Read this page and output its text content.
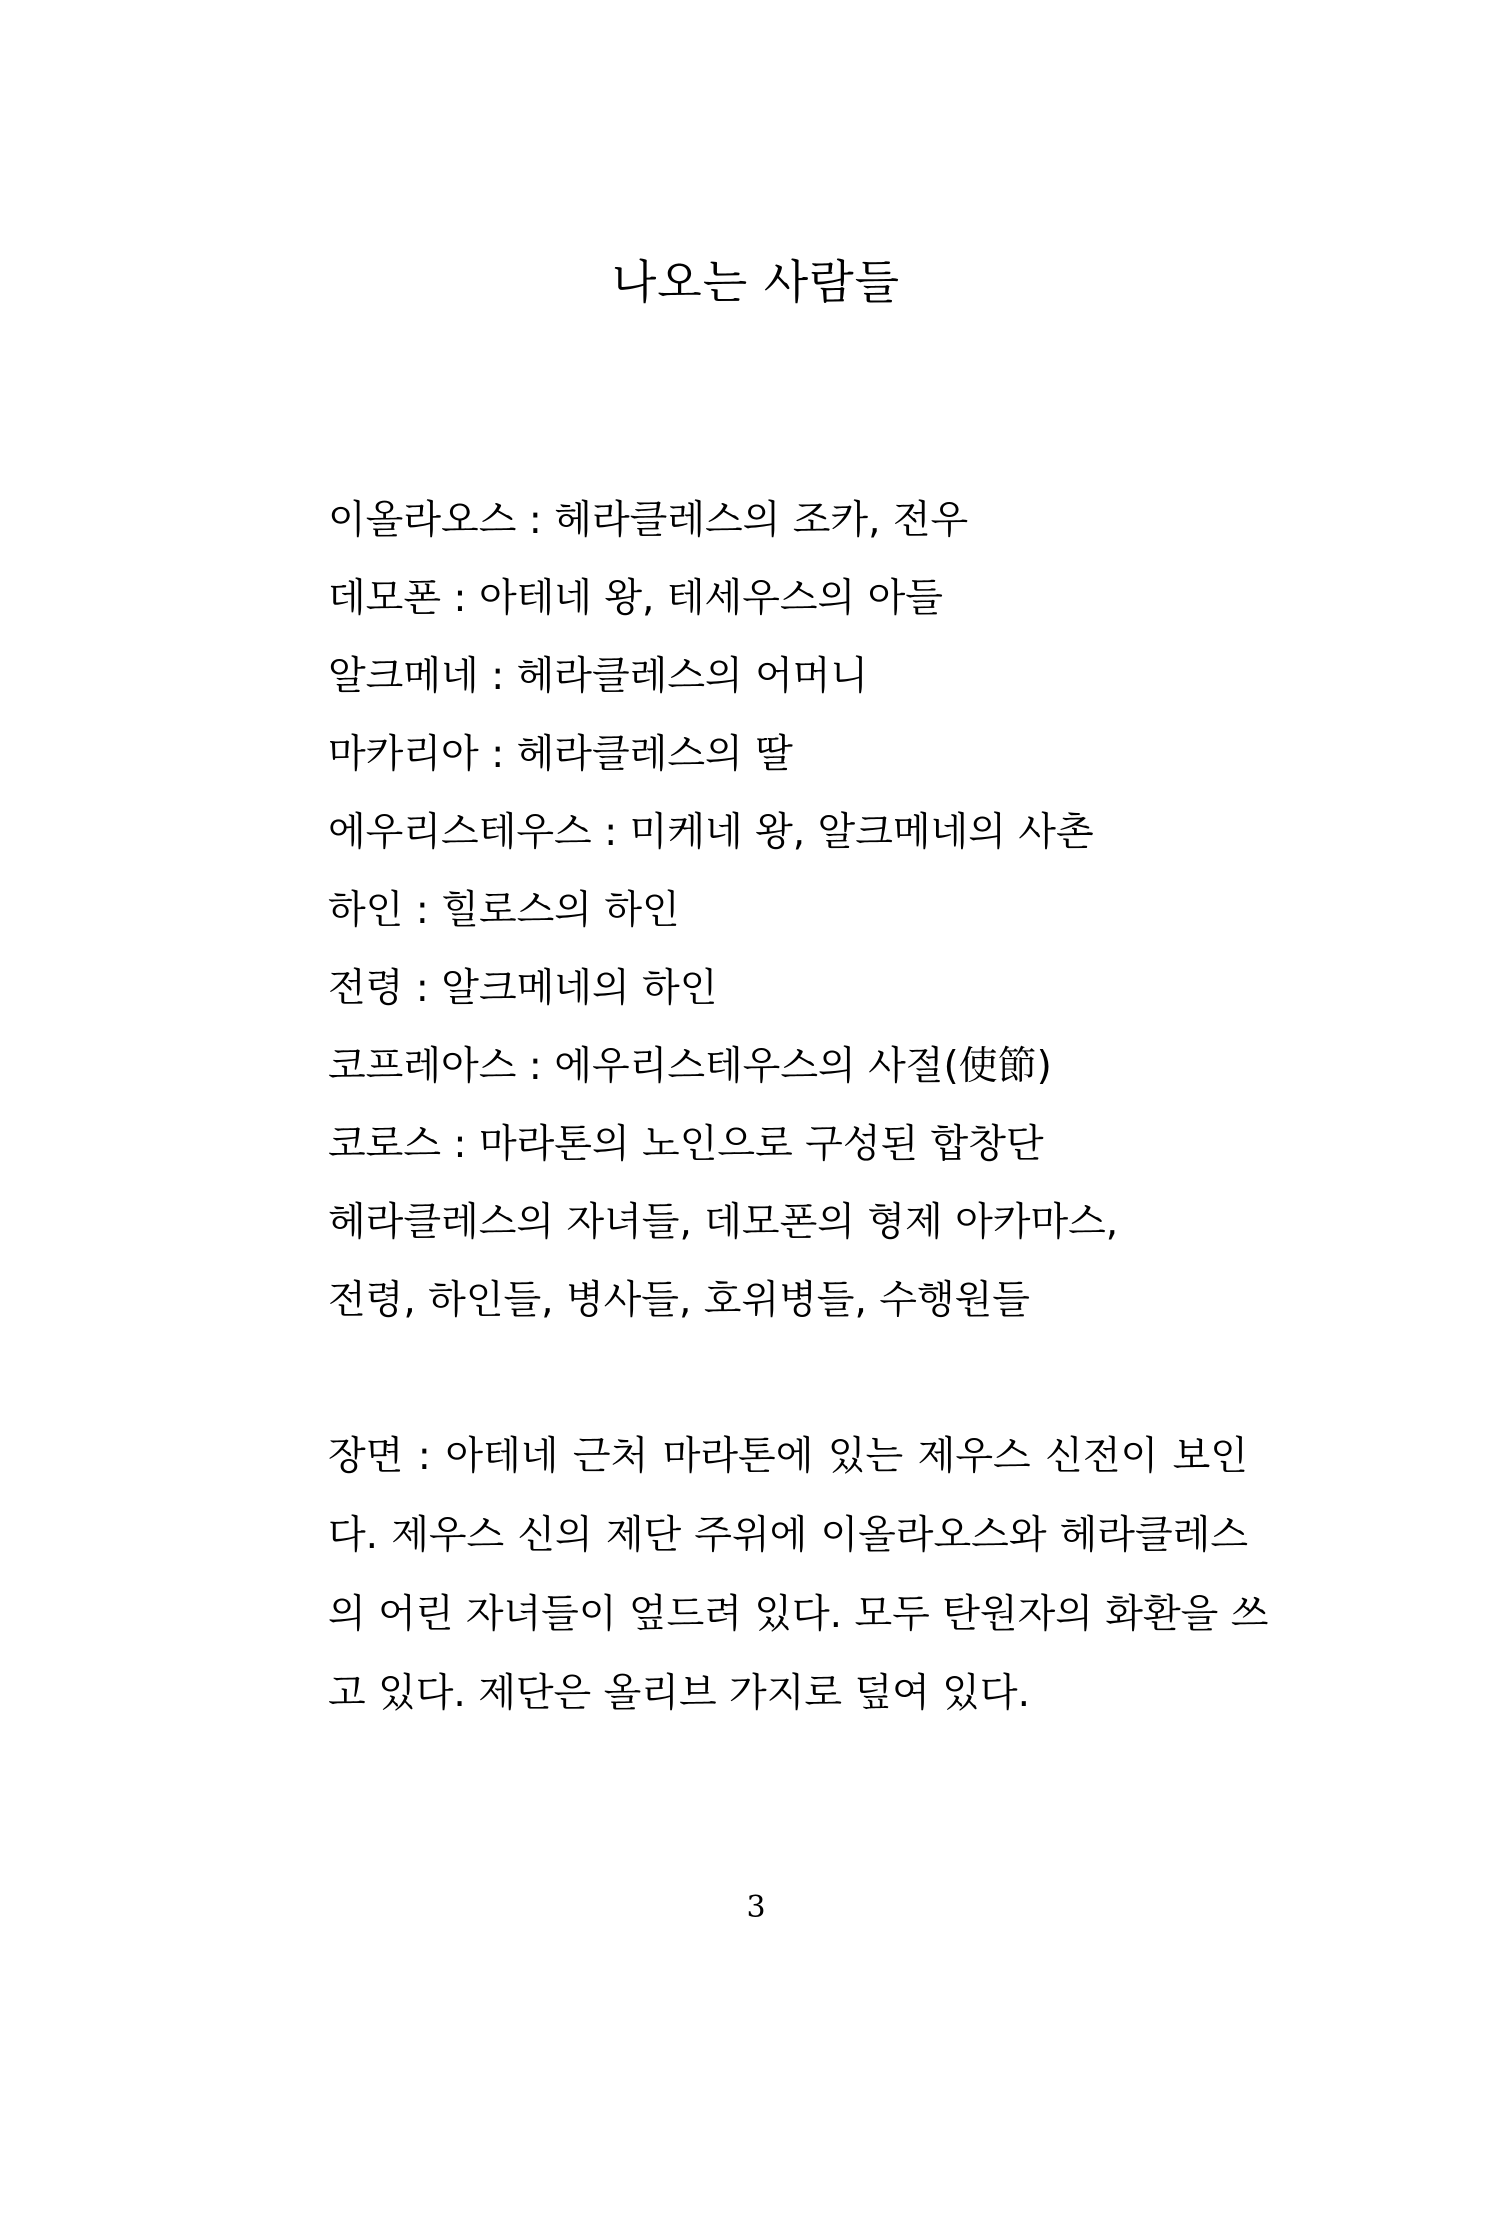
나오는 사람들
이올라오스 : 헤라클레스의 조카, 전우
데모폰 : 아테네 왕, 테세우스의 아들
알크메네 : 헤라클레스의 어머니
마카리아 : 헤라클레스의 딸
에우리스테우스 : 미케네 왕, 알크메네의 사촌
하인 : 힐로스의 하인
전령 : 알크메네의 하인
코프레아스 : 에우리스테우스의 사절(使節)
코로스 : 마라톤의 노인으로 구성된 합창단
헤라클레스의 자녀들, 데모폰의 형제 아카마스,
전령, 하인들, 병사들, 호위병들, 수행원들
장면 : 아테네 근처 마라톤에 있는 제우스 신전이 보인
다. 제우스 신의 제단 주위에 이올라오스와 헤라클레스
의 어린 자녀들이 엎드려 있다. 모두 탄원자의 화환을 쓰
고 있다. 제단은 올리브 가지로 덮여 있다.
3
